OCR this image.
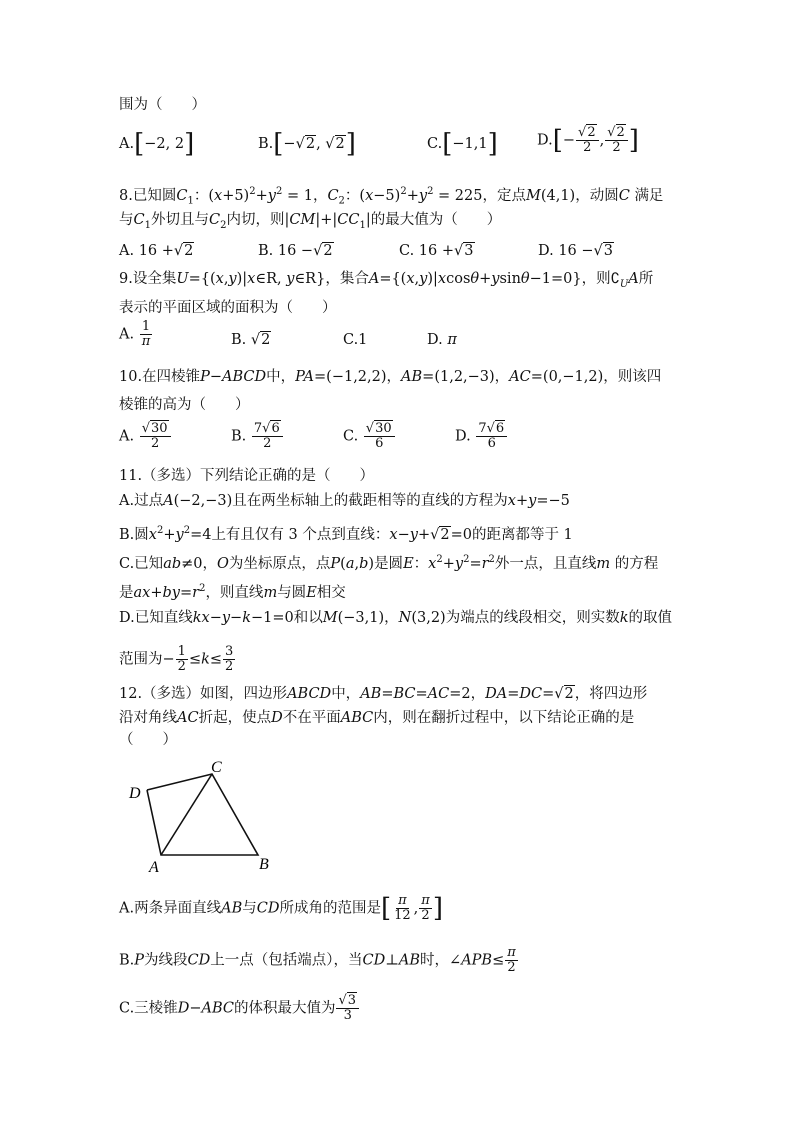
围为（　　）
A.[−2, 2]	B.[− √ 2, √ 2]	C.[−1,1]	D.[− √ $\frac{2}{2}$ , √ $\frac{2}{2}$ ]
8.已知圆$C_1$：$(x+5)^2+y^2 = 1$，$C_2$：$(x-5)^2+y^2 = 225$，定点M(4,1)，动圆C 满足
与$C_1$外切且与$C_2$内切，则$|CM|+|CC_1|$的最大值为（　　）
A. 16 + √ 2	B. 16 − √ 2	C. 16 + √ 3	D. 16 − √ 3
9.设全集U={(x,y)|x∈R, y∈R}，集合A={(x,y)|xcosθ+ysinθ−1=0}，则$∁_UA$所
表示的平面区域的面积为（　　）
A. $\frac{1}{\pi}$	B. √ 2	C.1	D. π
10.在四棱锥P−ABCD中，PA=(−1,2,2)，AB=(1,2,−3)，AC=(0,−1,2)，则该四
棱锥的高为（　　）
A. √ $\frac{30}{2}$	B. $\frac{7 √ 6}{2}$	C. √ $\frac{30}{6}$	D. $\frac{7 √ 6}{6}$
11.（多选）下列结论正确的是（　　）
A.过点A(−2,−3)且在两坐标轴上的截距相等的直线的方程为x+y=−5
B.圆$x^2+y^2=4$上有且仅有 3 个点到直线：x−y+ √ 2=0的距离都等于 1
C.已知ab≠0，O为坐标原点，点P(a,b)是圆E：$x^2+y^2=r^2$外一点，且直线m 的方程
是$ax+by=r^2$，则直线m与圆E相交
D.已知直线kx−y−k−1=0和以M(−3,1)，N(3,2)为端点的线段相交，则实数k的取值
范围为− $\frac{1}{2} \le k\le \frac{3}{2}$
12.（多选）如图，四边形ABCD中，AB=BC=AC=2，DA=DC= √ 2，将四边形
沿对角线AC折起，使点D不在平面ABC内，则在翻折过程中，以下结论正确的是
（　　）
D
C
A	B
A.两条异面直线AB与CD所成角的范围是[ $\frac{\pi}{12}$ , $\frac{\pi}{2}$ ]
B.P为线段CD上一点（包括端点），当CD⊥AB时，∠APB≤ $\frac{\pi}{2}$
C.三棱锥D−ABC的体积最大值为 √ $\frac{3}{3}$
